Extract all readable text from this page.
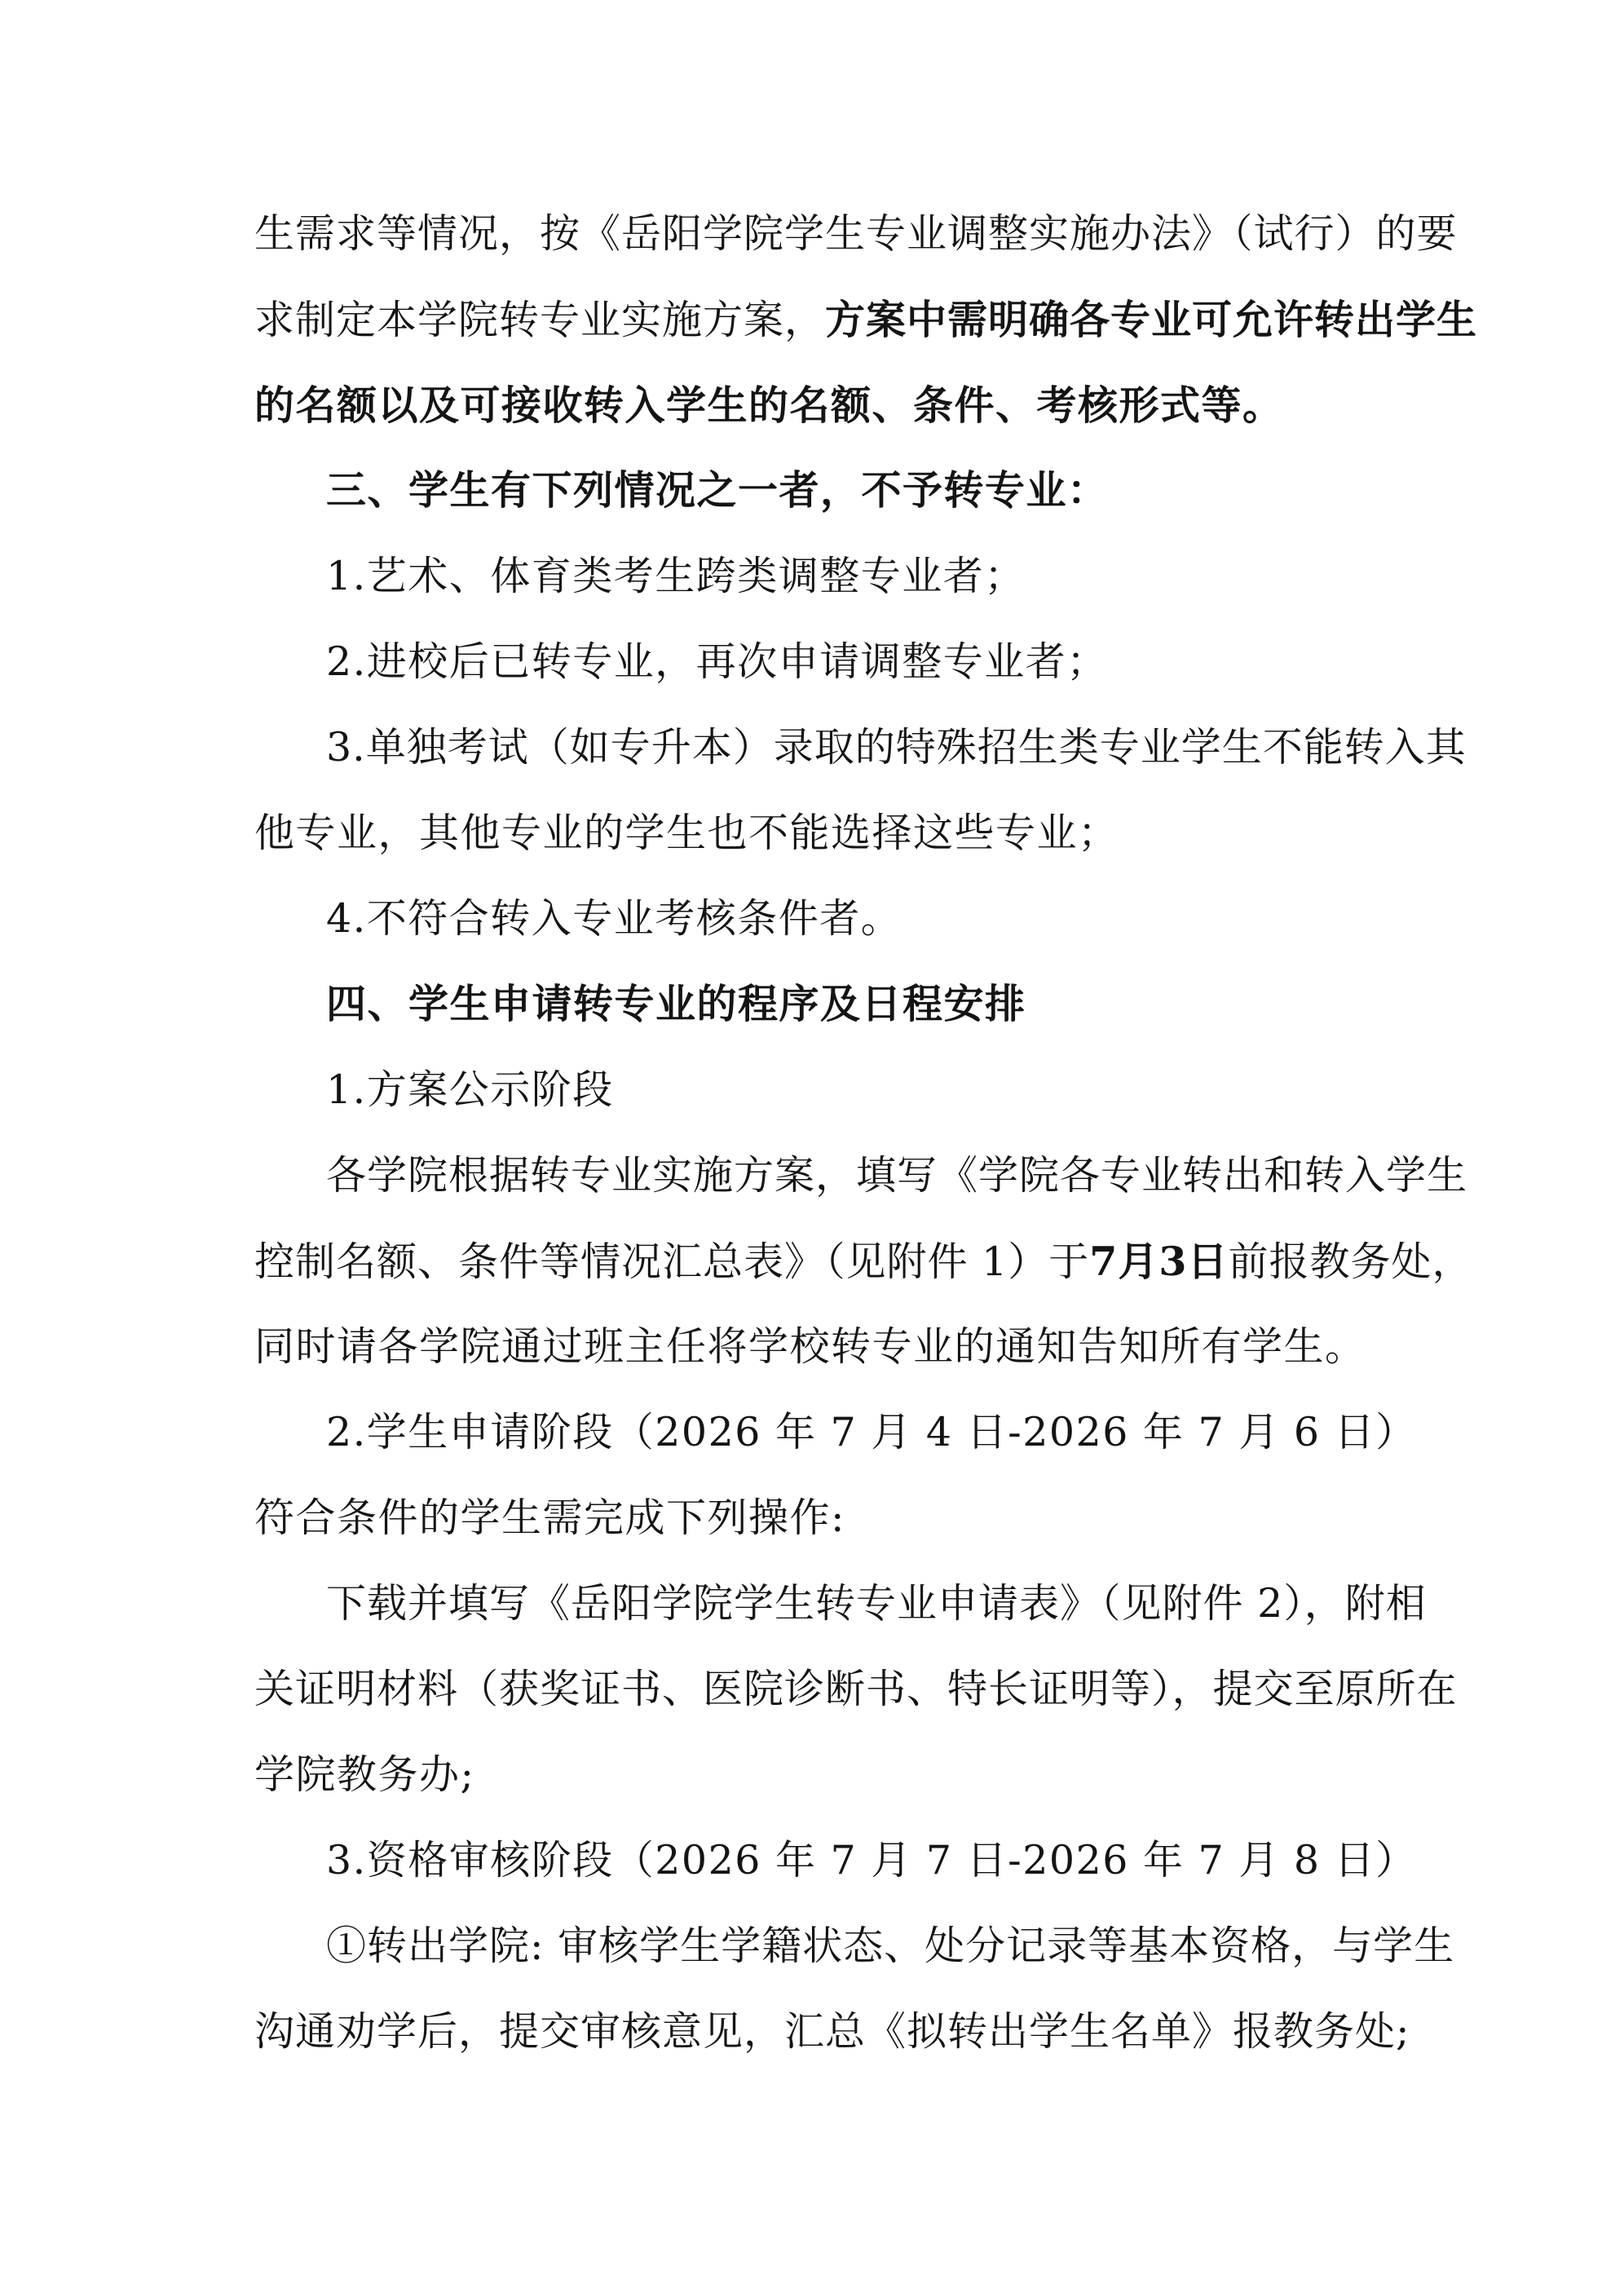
生需求等情况，按《岳阳学院学生专业调整实施办法》（试行）的要
求制定本学院转专业实施方案，方案中需明确各专业可允许转出学生
的名额以及可接收转入学生的名额、条件、考核形式等。
三、学生有下列情况之一者，不予转专业：
1.艺术、体育类考生跨类调整专业者；
2.进校后已转专业，再次申请调整专业者；
3.单独考试（如专升本）录取的特殊招生类专业学生不能转入其
他专业，其他专业的学生也不能选择这些专业；
4.不符合转入专业考核条件者。
四、学生申请转专业的程序及日程安排
1.方案公示阶段
各学院根据转专业实施方案，填写《学院各专业转出和转入学生
控制名额、条件等情况汇总表》（见附件 1）于7月3日前报教务处，
同时请各学院通过班主任将学校转专业的通知告知所有学生。
2.学生申请阶段（2026 年 7 月 4 日-2026 年 7 月 6 日）
符合条件的学生需完成下列操作:
下载并填写《岳阳学院学生转专业申请表》（见附件 2），附相
关证明材料（获奖证书、医院诊断书、特长证明等），提交至原所在
学院教务办;
3.资格审核阶段（2026 年 7 月 7 日-2026 年 7 月 8 日）
①转出学院: 审核学生学籍状态、处分记录等基本资格，与学生
沟通劝学后，提交审核意见，汇总《拟转出学生名单》报教务处;
